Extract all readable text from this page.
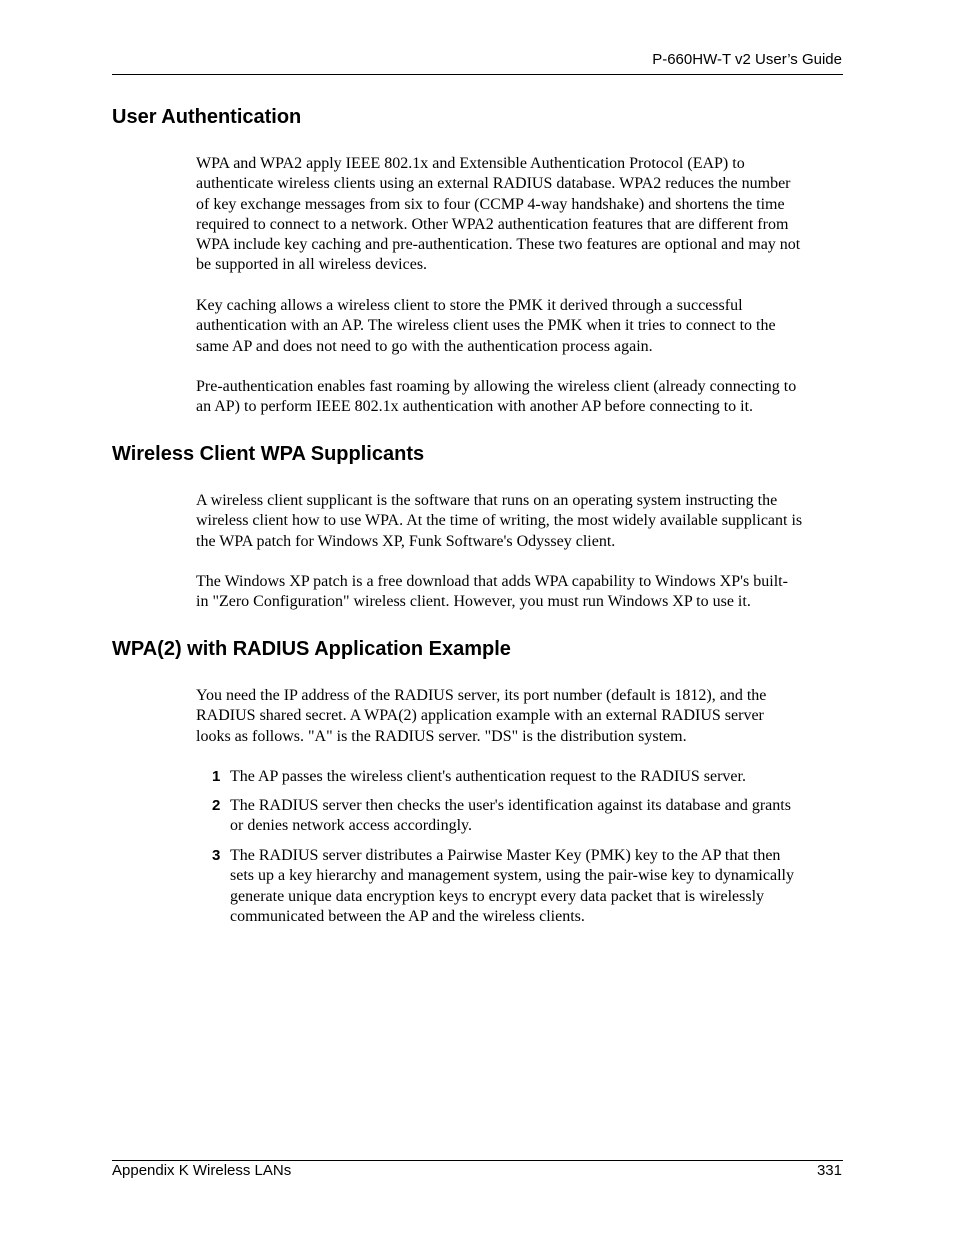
P-660HW-T v2 User’s Guide
User Authentication

WPA and WPA2 apply IEEE 802.1x and Extensible Authentication Protocol (EAP) to
authenticate wireless clients using an external RADIUS database. WPA2 reduces the number
of key exchange messages from six to four (CCMP 4-way handshake) and shortens the time
required to connect to a network. Other WPA2 authentication features that are different from
WPA include key caching and pre-authentication. These two features are optional and may not
be supported in all wireless devices.

Key caching allows a wireless client to store the PMK it derived through a successful
authentication with an AP. The wireless client uses the PMK when it tries to connect to the
same AP and does not need to go with the authentication process again.

Pre-authentication enables fast roaming by allowing the wireless client (already connecting to
an AP) to perform IEEE 802.1x authentication with another AP before connecting to it.

Wireless Client WPA Supplicants

A wireless client supplicant is the software that runs on an operating system instructing the
wireless client how to use WPA. At the time of writing, the most widely available supplicant is
the WPA patch for Windows XP, Funk Software's Odyssey client.

The Windows XP patch is a free download that adds WPA capability to Windows XP's built-
in "Zero Configuration" wireless client. However, you must run Windows XP to use it.

WPA(2) with RADIUS Application Example

You need the IP address of the RADIUS server, its port number (default is 1812), and the
RADIUS shared secret. A WPA(2) application example with an external RADIUS server
looks as follows. "A" is the RADIUS server. "DS" is the distribution system.

1 The AP passes the wireless client's authentication request to the RADIUS server.
2 The RADIUS server then checks the user's identification against its database and grants
or denies network access accordingly.
3 The RADIUS server distributes a Pairwise Master Key (PMK) key to the AP that then
sets up a key hierarchy and management system, using the pair-wise key to dynamically
generate unique data encryption keys to encrypt every data packet that is wirelessly
communicated between the AP and the wireless clients.
Appendix K Wireless LANs	331
